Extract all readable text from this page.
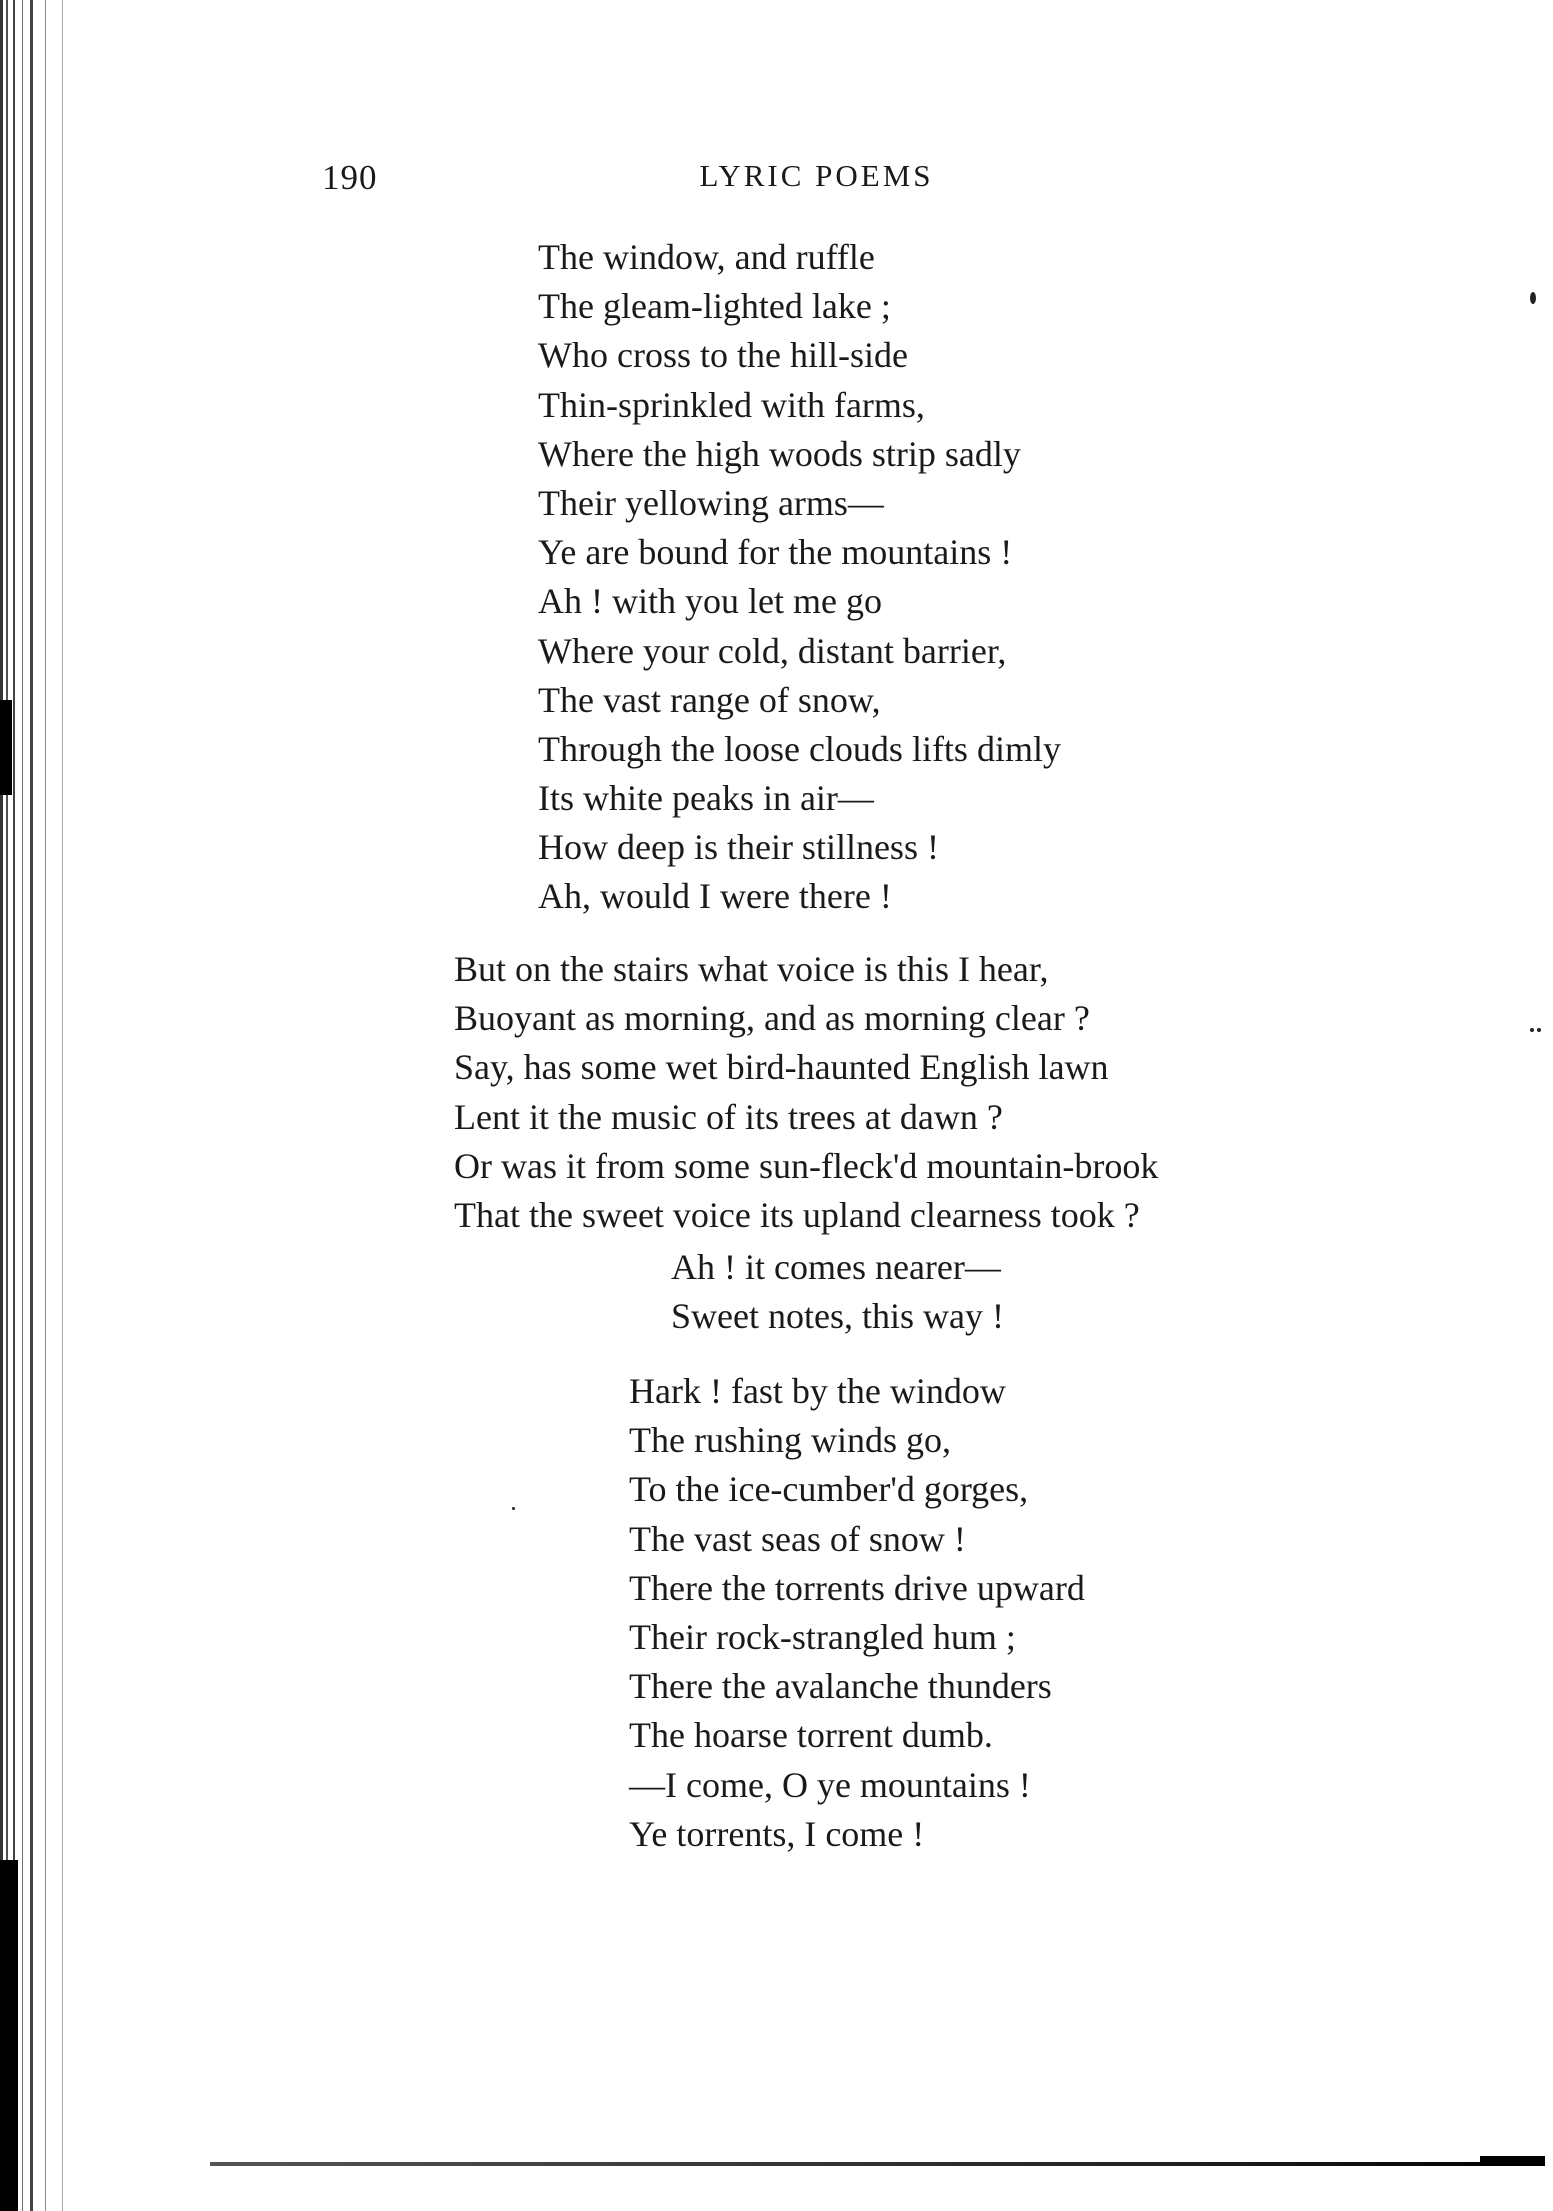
190	LYRIC POEMS
The window, and ruffle
The gleam-lighted lake ;
Who cross to the hill-side
Thin-sprinkled with farms,
Where the high woods strip sadly
Their yellowing arms—
Ye are bound for the mountains !
Ah ! with you let me go
Where your cold, distant barrier,
The vast range of snow,
Through the loose clouds lifts dimly
Its white peaks in air—
How deep is their stillness !
Ah, would I were there !
But on the stairs what voice is this I hear,
Buoyant as morning, and as morning clear ?
Say, has some wet bird-haunted English lawn
Lent it the music of its trees at dawn ?
Or was it from some sun-fleck'd mountain-brook
That the sweet voice its upland clearness took ?
Ah ! it comes nearer—
Sweet notes, this way !
Hark ! fast by the window
The rushing winds go,
To the ice-cumber'd gorges,
The vast seas of snow !
There the torrents drive upward
Their rock-strangled hum ;
There the avalanche thunders
The hoarse torrent dumb.
—I come, O ye mountains !
Ye torrents, I come !
